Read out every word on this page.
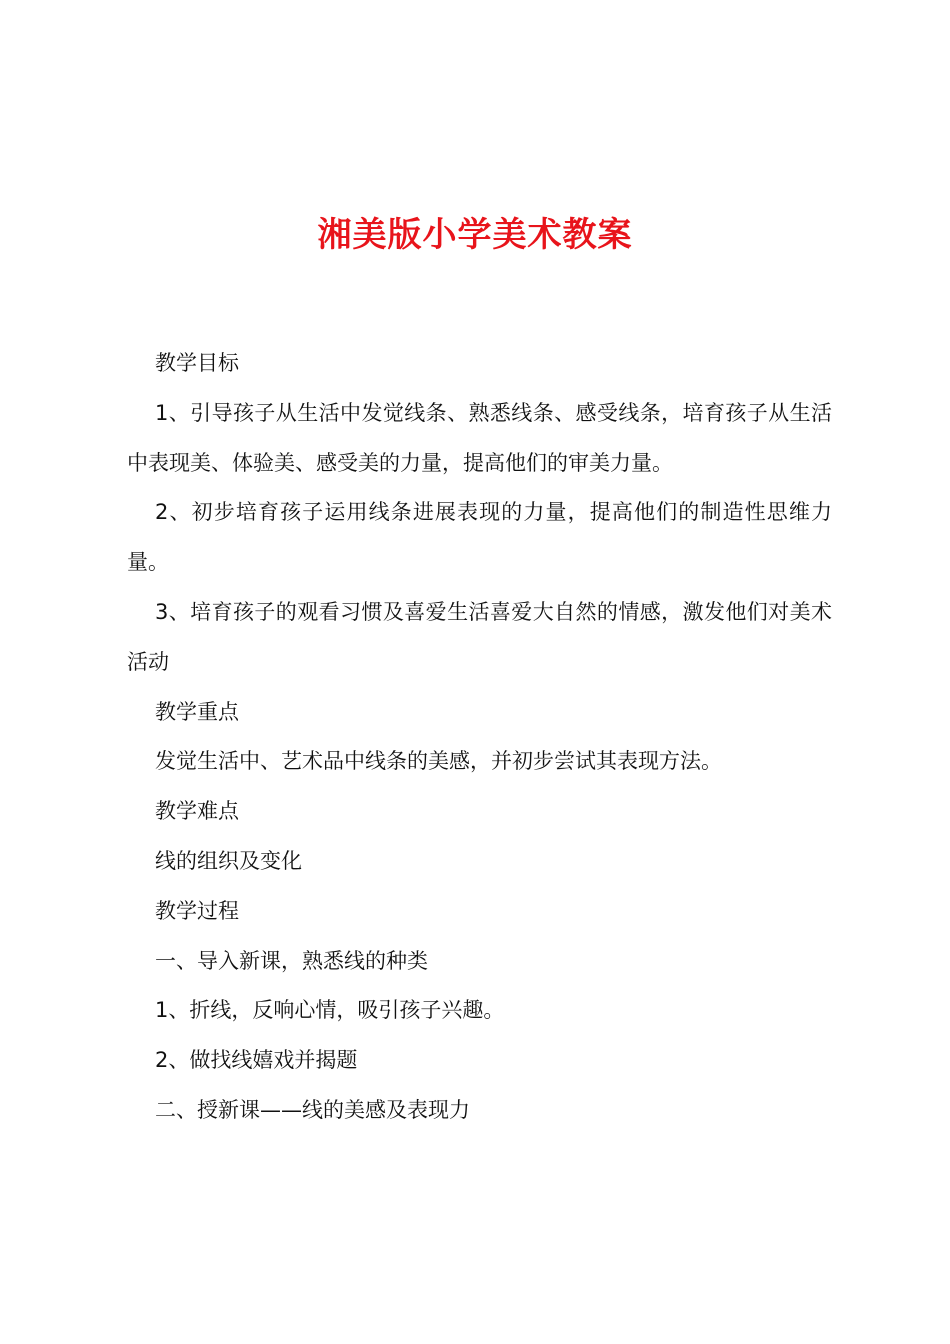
湘美版小学美术教案

教学目标

1、引导孩子从生活中发觉线条、熟悉线条、感受线条，培育孩子从生活中表现美、体验美、感受美的力量，提高他们的审美力量。

2、初步培育孩子运用线条进展表现的力量，提高他们的制造性思维力量。

3、培育孩子的观看习惯及喜爱生活喜爱大自然的情感，激发他们对美术活动

教学重点

发觉生活中、艺术品中线条的美感，并初步尝试其表现方法。

教学难点

线的组织及变化

教学过程

一、导入新课，熟悉线的种类

1、折线，反响心情，吸引孩子兴趣。

2、做找线嬉戏并揭题

二、授新课——线的美感及表现力
